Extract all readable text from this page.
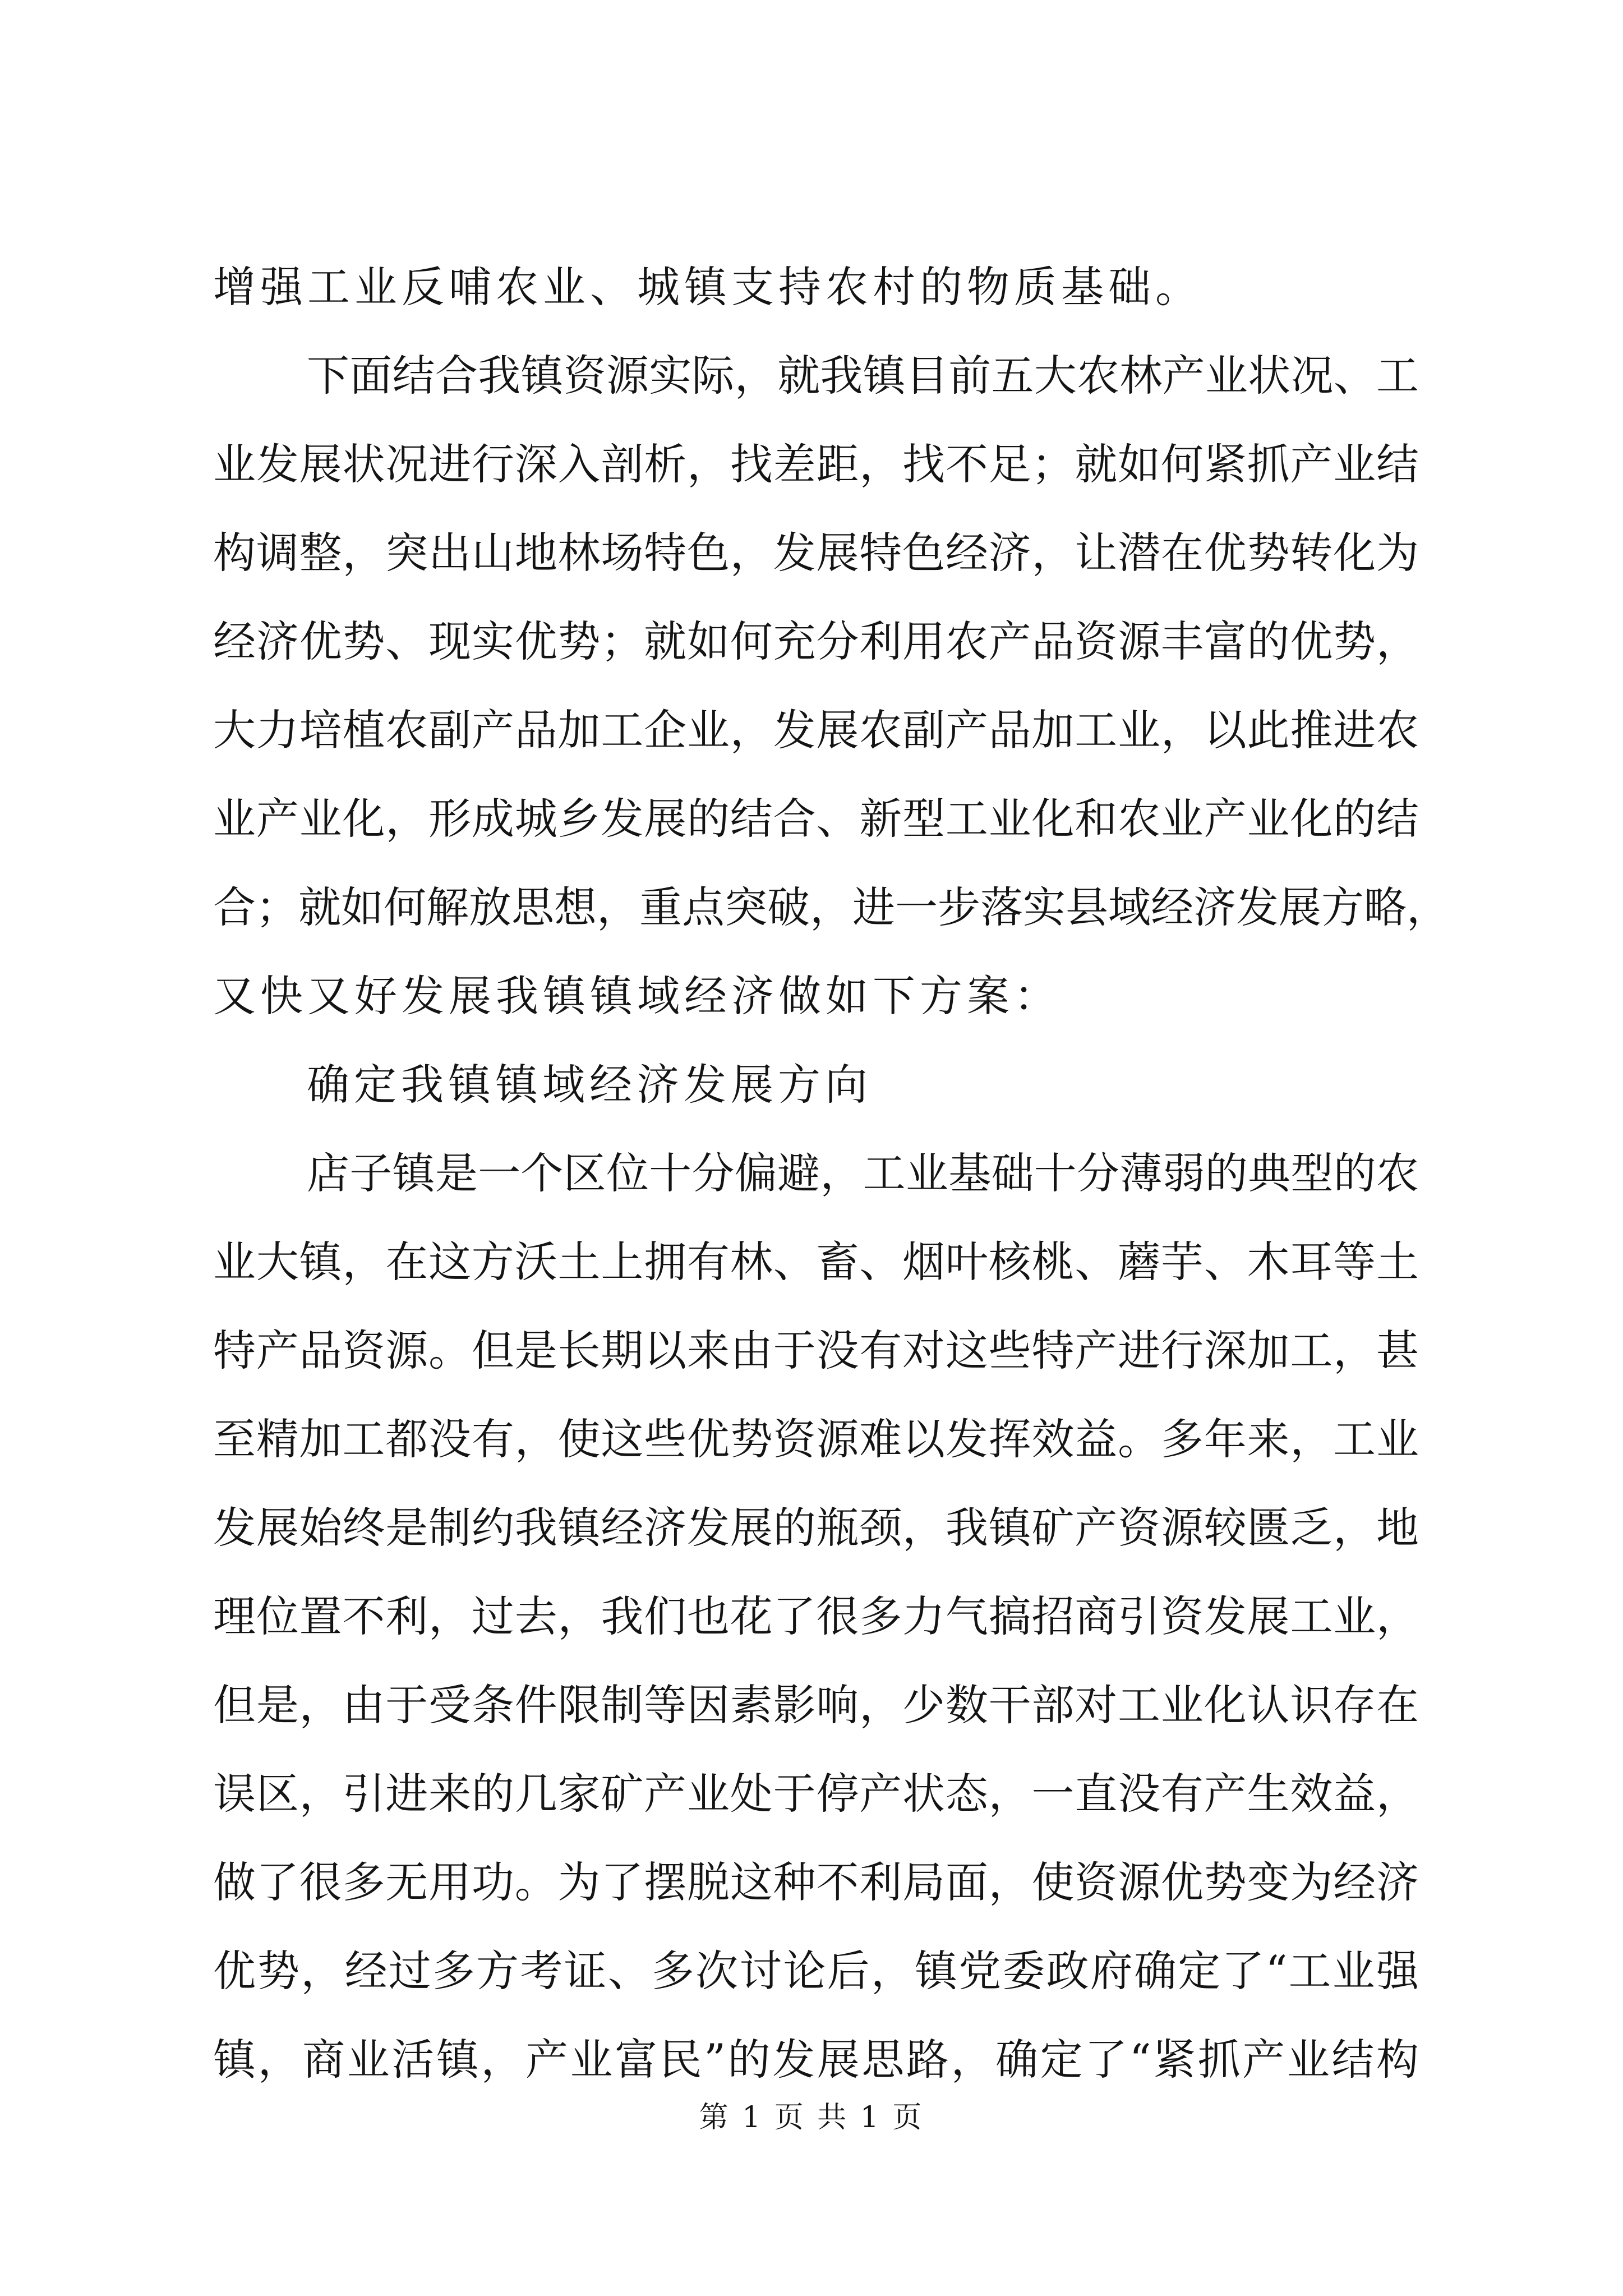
增强工业反哺农业、城镇支持农村的物质基础。
下面结合我镇资源实际，就我镇目前五大农林产业状况、工
业发展状况进行深入剖析，找差距，找不足；就如何紧抓产业结
构调整，突出山地林场特色，发展特色经济，让潜在优势转化为
经济优势、现实优势；就如何充分利用农产品资源丰富的优势，
大力培植农副产品加工企业，发展农副产品加工业，以此推进农
业产业化，形成城乡发展的结合、新型工业化和农业产业化的结
合；就如何解放思想，重点突破，进一步落实县域经济发展方略，
又快又好发展我镇镇域经济做如下方案：
确定我镇镇域经济发展方向
店子镇是一个区位十分偏避，工业基础十分薄弱的典型的农
业大镇，在这方沃土上拥有林、畜、烟叶核桃、蘑芋、木耳等土
特产品资源。但是长期以来由于没有对这些特产进行深加工，甚
至精加工都没有，使这些优势资源难以发挥效益。多年来，工业
发展始终是制约我镇经济发展的瓶颈，我镇矿产资源较匮乏，地
理位置不利，过去，我们也花了很多力气搞招商引资发展工业，
但是，由于受条件限制等因素影响，少数干部对工业化认识存在
误区，引进来的几家矿产业处于停产状态，一直没有产生效益，
做了很多无用功。为了摆脱这种不利局面，使资源优势变为经济
优势，经过多方考证、多次讨论后，镇党委政府确定了“工业强
镇，商业活镇，产业富民”的发展思路，确定了“紧抓产业结构
第 1 页 共 1 页
